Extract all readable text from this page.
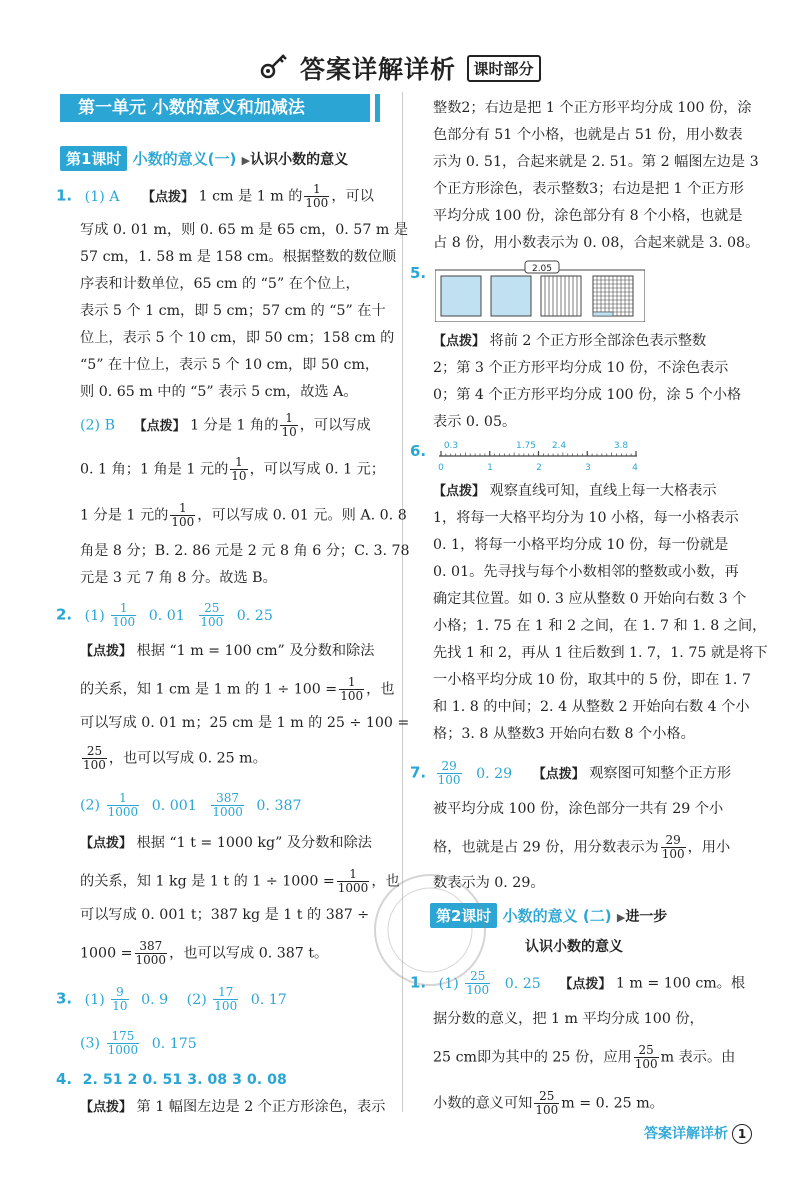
答案详解详析 课时部分
第一单元 小数的意义和加减法
第1课时 小数的意义(一) ▶认识小数的意义
1. (1) A 【点拨】 1 cm 是 1 m 的 $\frac{1}{100}$ ，可以
写成 0. 01 m，则 0. 65 m 是 65 cm，0. 57 m 是
57 cm，1. 58 m 是 158 cm。根据整数的数位顺
序表和计数单位，65 cm 的 “5” 在个位上，
表示 5 个 1 cm，即 5 cm；57 cm 的 “5” 在十
位上，表示 5 个 10 cm，即 50 cm；158 cm 的
“5” 在十位上，表示 5 个 10 cm，即 50 cm，
则 0. 65 m 中的 “5” 表示 5 cm，故选 A。
(2) B 【点拨】 1 分是 1 角的 $\frac{1}{10}$ ，可以写成
0. 1 角；1 角是 1 元的 $\frac{1}{10}$ ，可以写成 0. 1 元；
1 分是 1 元的 $\frac{1}{100}$ ，可以写成 0. 01 元。则 A. 0. 8
角是 8 分；B. 2. 86 元是 2 元 8 角 6 分；C. 3. 78
元是 3 元 7 角 8 分。故选 B。
2. $(1) \frac{1}{100} 0$. $01 \frac{25}{100} 0$. 25
【点拨】 根据 “1 m = 100 cm” 及分数和除法
的关系，知 1 cm 是 1 m 的 $1 \div 100 = \frac{1}{100}$ ，也
可以写成 0. 01 m；25 cm 是 1 m 的 25 ÷ 100 =
$\frac{25}{100}$ ，也可以写成 0. 25 m。
$(2) \frac{1}{1000} 0$. $001 \frac{387}{1000} 0$. 387
【点拨】 根据 “1 t = 1000 kg” 及分数和除法
的关系，知 1 kg 是 1 t 的 $1 \div 1000 = \frac{1}{1000}$ ，也
可以写成 0. 001 t；387 kg 是 1 t 的 387 ÷
$1000 = \frac{387}{1000}$ ，也可以写成 0. 387 t。
3. $(1) \frac{9}{10} 0$. 9 $(2) \frac{17}{100} 0$. 17
$(3) \frac{175}{1000} 0$. 175
4. 2. 51 2 0. 51 3. 08 3 0. 08
【点拨】 第 1 幅图左边是 2 个正方形涂色，表示
整数2；右边是把 1 个正方形平均分成 100 份，涂
色部分有 51 个小格，也就是占 51 份，用小数表
示为 0. 51，合起来就是 2. 51。第 2 幅图左边是 3
个正方形涂色，表示整数3；右边是把 1 个正方形
平均分成 100 份，涂色部分有 8 个小格，也就是
占 8 份，用小数表示为 0. 08，合起来就是 3. 08。
5.	2.05
【点拨】 将前 2 个正方形全部涂色表示整数
2；第 3 个正方形平均分成 10 份，不涂色表示
0；第 4 个正方形平均分成 100 份，涂 5 个小格
表示 0. 05。
6. 0.3	1.75 2.4	3.8
0	1	2	3	4
【点拨】 观察直线可知，直线上每一大格表示
1，将每一大格平均分为 10 小格，每一小格表示
0. 1，将每一小格平均分成 10 份，每一份就是
0. 01。先寻找与每个小数相邻的整数或小数，再
确定其位置。如 0. 3 应从整数 0 开始向右数 3 个
小格；1. 75 在 1 和 2 之间，在 1. 7 和 1. 8 之间，
先找 1 和 2，再从 1 往后数到 1. 7，1. 75 就是将下
一小格平均分成 10 份，取其中的 5 份，即在 1. 7
和 1. 8 的中间；2. 4 从整数 2 开始向右数 4 个小
格；3. 8 从整数3 开始向右数 8 个小格。
7. $\frac{29}{100} 0$. 29 【点拨】 观察图可知整个正方形
被平均分成 100 份，涂色部分一共有 29 个小
格，也就是占 29 份，用分数表示为 $\frac{29}{100}$ ，用小
数表示为 0. 29。
第2课时 小数的意义 (二) ▶进一步
认识小数的意义
1. $(1) \frac{25}{100} 0$. 25 【点拨】 1 m = 100 cm。根
据分数的意义，把 1 m 平均分成 100 份，
25 cm即为其中的 25 份，应用 $\frac{25}{100}$ m 表示。由
小数的意义可知 $\frac{25}{100}$ m = 0. 25 m。
答案详解详析 1
